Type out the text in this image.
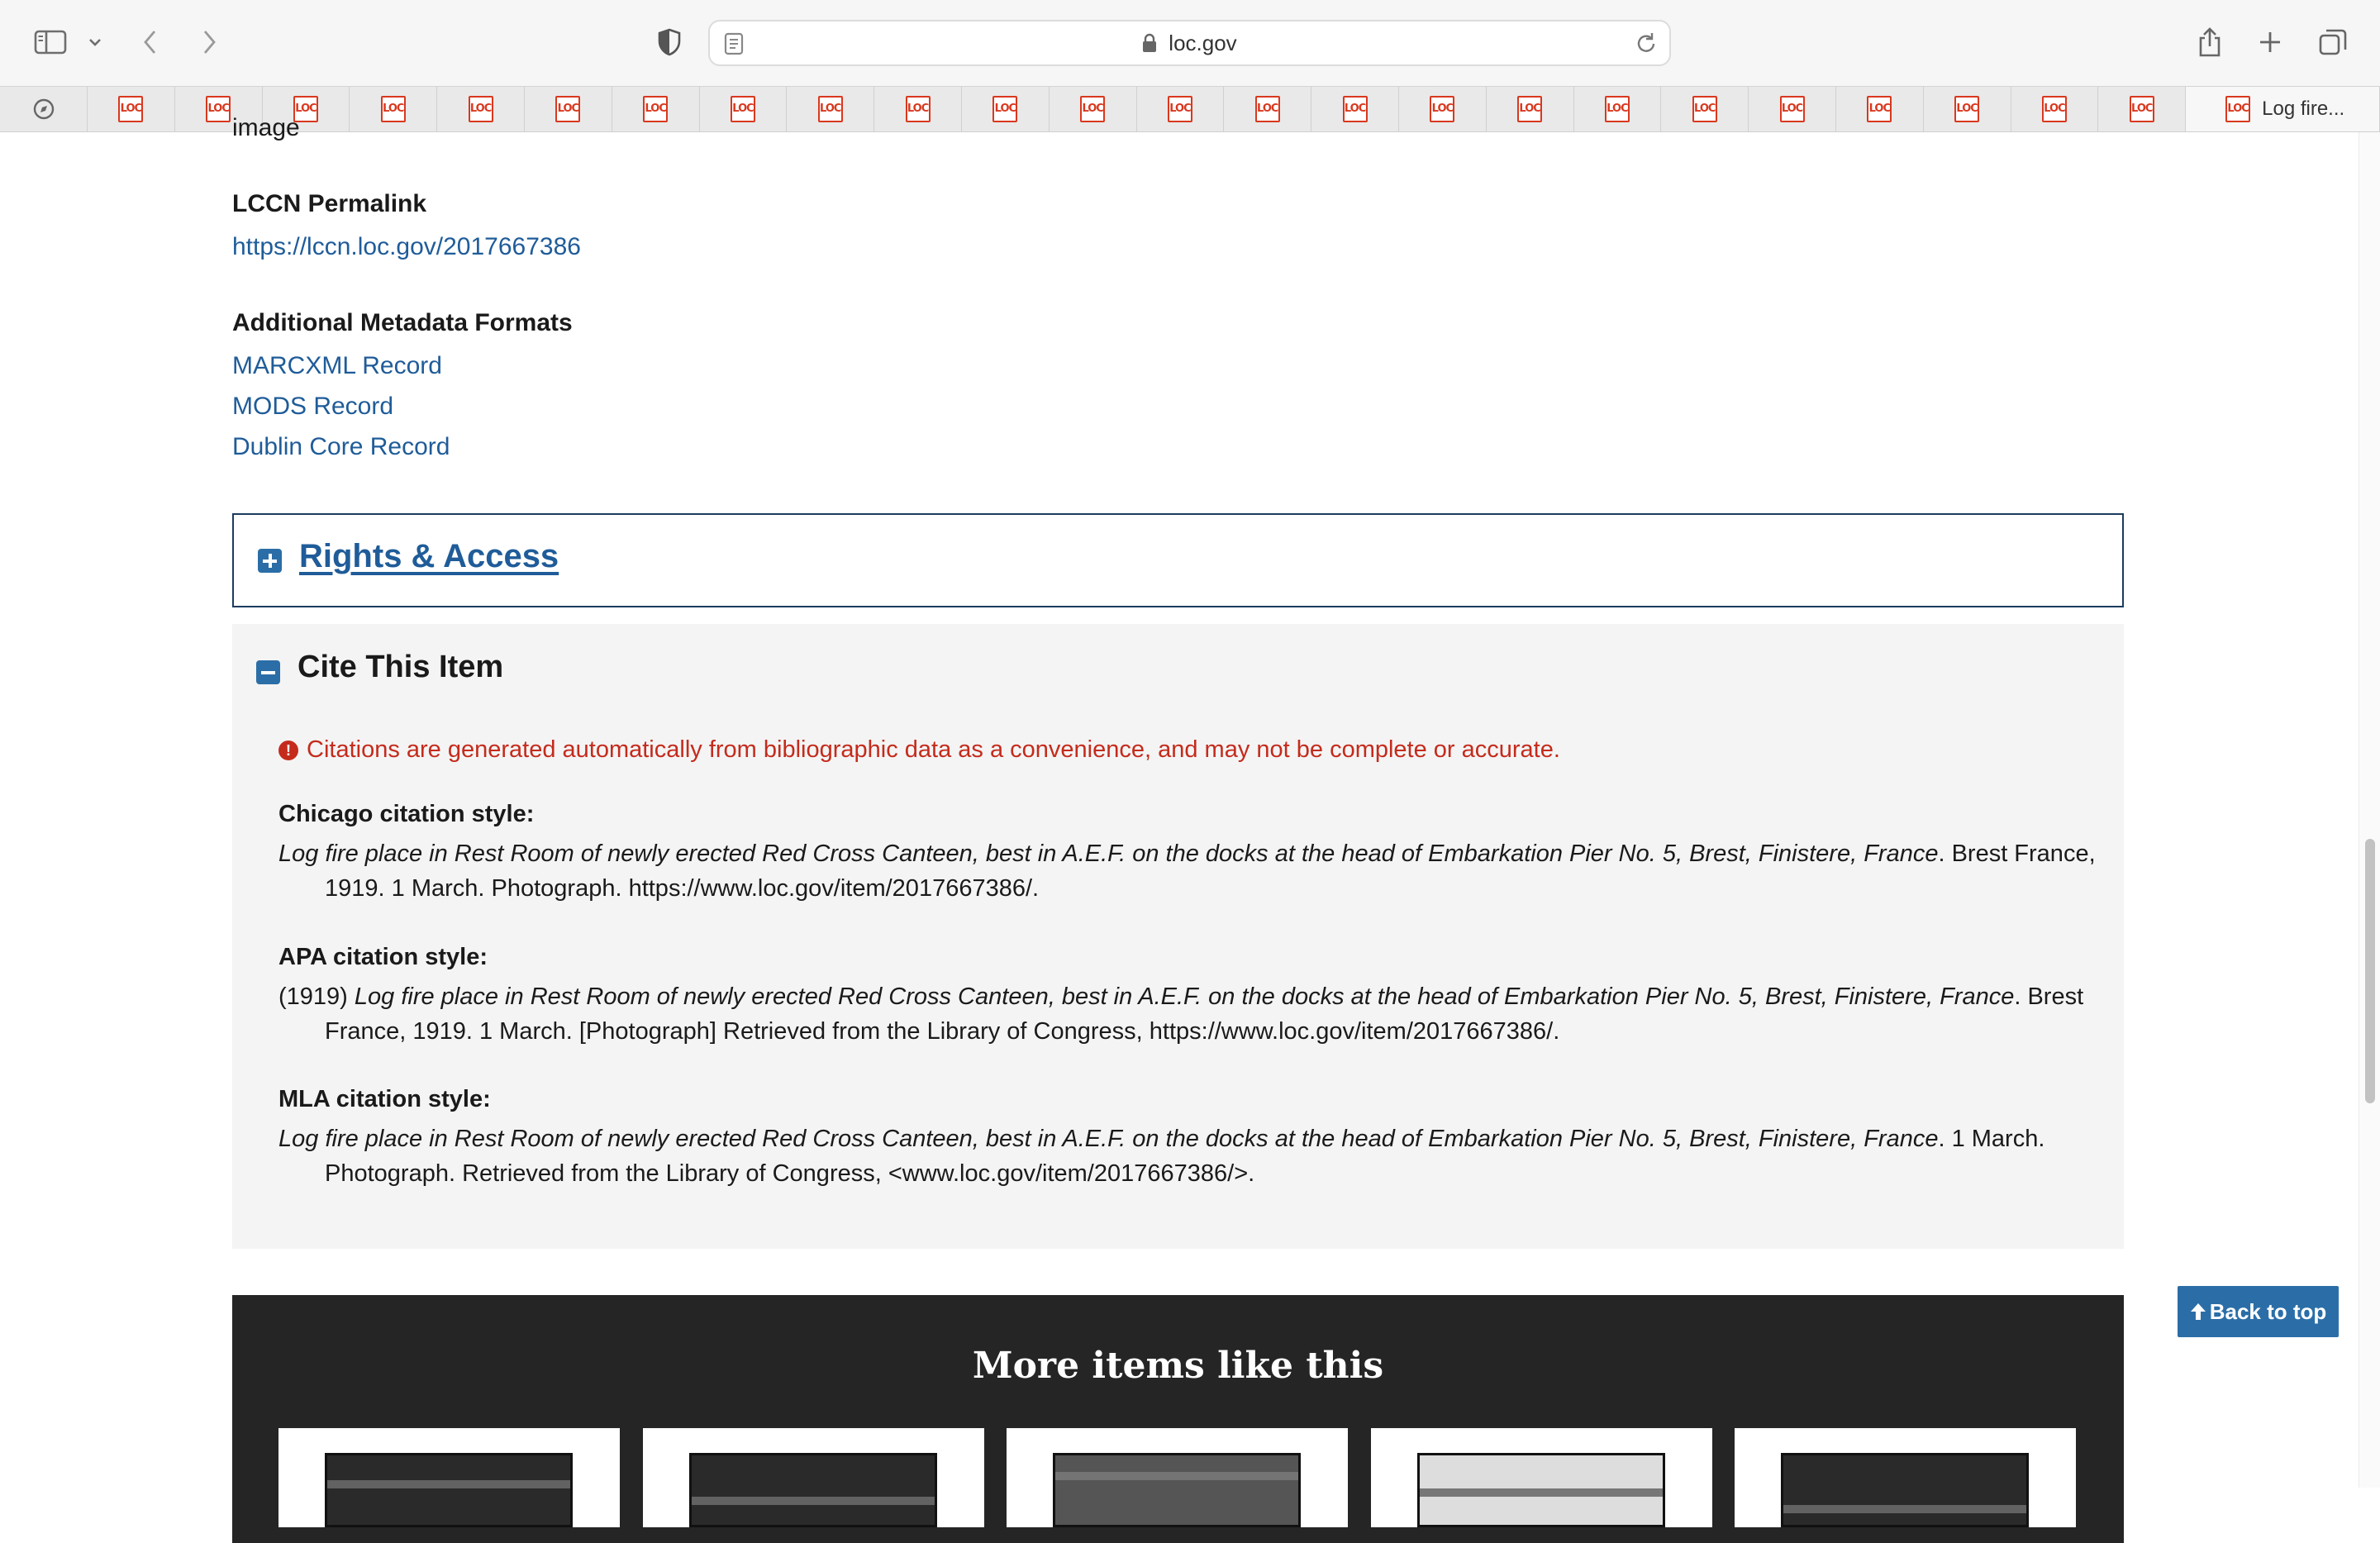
loc.gov
LOC	LOC	LOC	LOC	LOC	LOC	LOC	LOC	LOC	LOC	LOC	LOC	LOC	LOC	LOC	LOC	LOC	LOC	LOC	LOC	LOC	LOC	LOC	LOC	LOC Log fire...
image
LCCN Permalink
https://lccn.loc.gov/2017667386
Additional Metadata Formats
MARCXML Record
MODS Record
Dublin Core Record
Rights & Access
Cite This Item
! Citations are generated automatically from bibliographic data as a convenience, and may not be complete or accurate.
Chicago citation style:
Log fire place in Rest Room of newly erected Red Cross Canteen, best in A.E.F. on the docks at the head of Embarkation Pier No. 5, Brest, Finistere, France. Brest France, 1919. 1 March. Photograph. https://www.loc.gov/item/2017667386/.
APA citation style:
(1919) Log fire place in Rest Room of newly erected Red Cross Canteen, best in A.E.F. on the docks at the head of Embarkation Pier No. 5, Brest, Finistere, France. Brest France, 1919. 1 March. [Photograph] Retrieved from the Library of Congress, https://www.loc.gov/item/2017667386/.
MLA citation style:
Log fire place in Rest Room of newly erected Red Cross Canteen, best in A.E.F. on the docks at the head of Embarkation Pier No. 5, Brest, Finistere, France. 1 March. Photograph. Retrieved from the Library of Congress, <www.loc.gov/item/2017667386/>.
More items like this
Back to top
